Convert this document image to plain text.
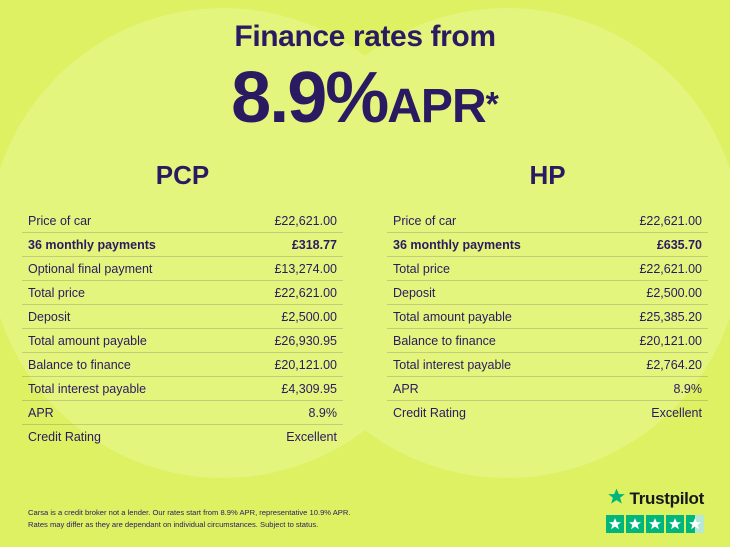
Finance rates from
8.9%APR*
PCP
Price of car	£22,621.00
36 monthly payments	£318.77
Optional final payment	£13,274.00
Total price	£22,621.00
Deposit	£2,500.00
Total amount payable	£26,930.95
Balance to finance	£20,121.00
Total interest payable	£4,309.95
APR	8.9%
Credit Rating	Excellent
HP
Price of car	£22,621.00
36 monthly payments	£635.70
Total price	£22,621.00
Deposit	£2,500.00
Total amount payable	£25,385.20
Balance to finance	£20,121.00
Total interest payable	£2,764.20
APR	8.9%
Credit Rating	Excellent
Carsa is a credit broker not a lender. Our rates start from 8.9% APR, representative 10.9% APR.
Rates may differ as they are dependant on individual circumstances. Subject to status.
Trustpilot
